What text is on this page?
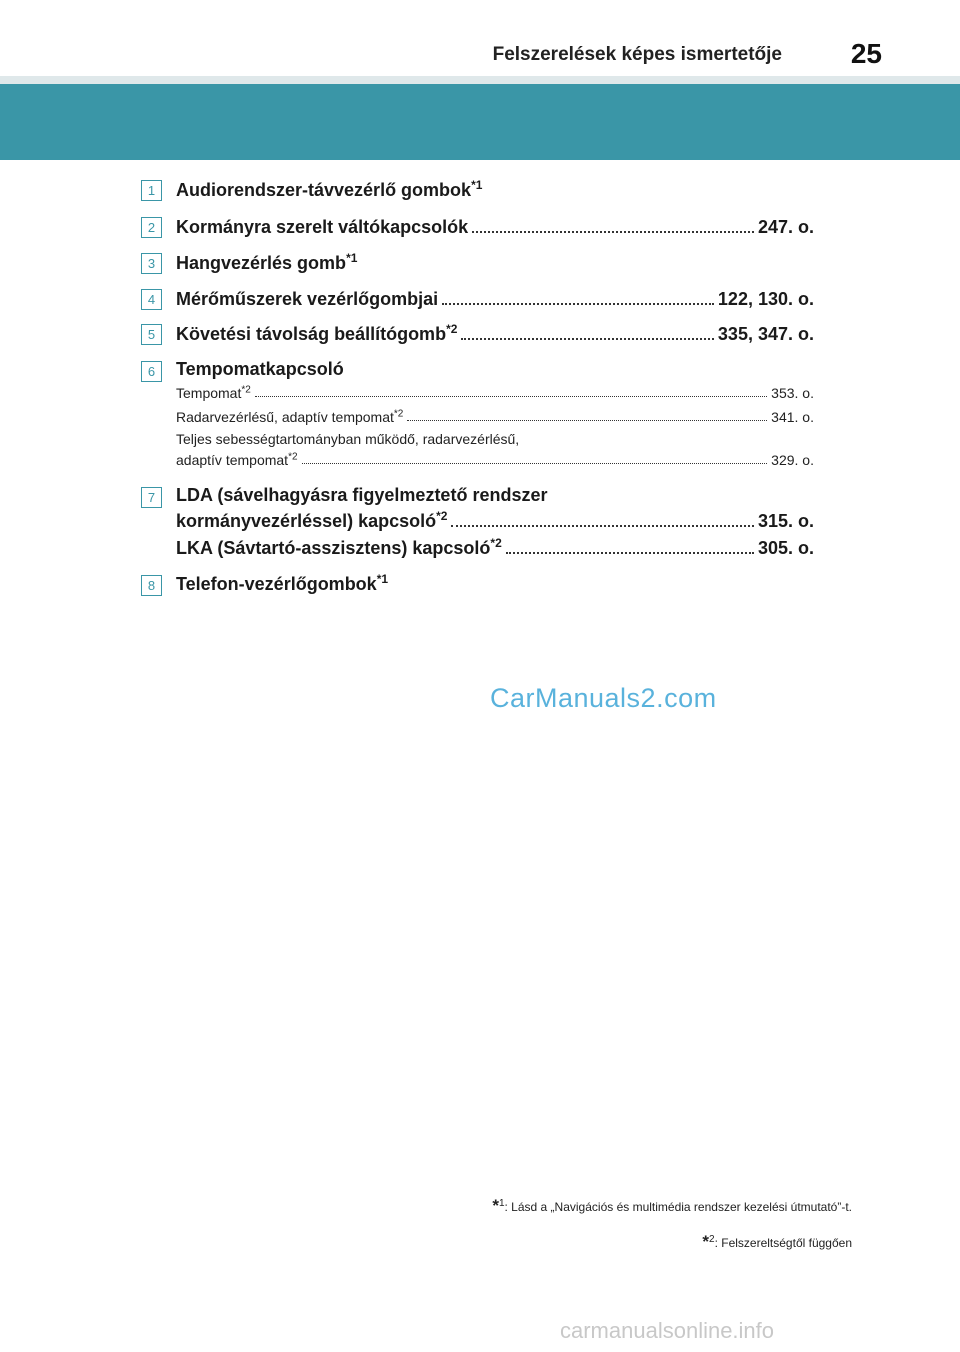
Felszerelések képes ismertetője 25
1	Audiorendszer-távvezérlő gombok$^{*1}$
2	Kormányra szerelt váltókapcsolók	247. o.
3	Hangvezérlés gomb$^{*1}$
4	Mérőműszerek vezérlőgombjai	122, 130. o.
5	Követési távolság beállítógomb$^{*2}$	335, 347. o.
6	Tempomatkapcsoló
Tempomat$^{*2}$	353. o.
Radarvezérlésű, adaptív tempomat$^{*2}$	341. o.
Teljes sebességtartományban működő, radarvezérlésű,
adaptív tempomat$^{*2}$	329. o.
7	LDA (sávelhagyásra figyelmeztető rendszer
kormányvezérléssel) kapcsoló$^{*2}$	315. o.
LKA (Sávtartó-asszisztens) kapcsoló$^{*2}$	305. o.
8	Telefon-vezérlőgombok$^{*1}$
CarManuals2.com
*$^1$: Lásd a „Navigációs és multimédia rendszer kezelési útmutató”-t.
*$^2$: Felszereltségtől függően
carmanualsonline.info
